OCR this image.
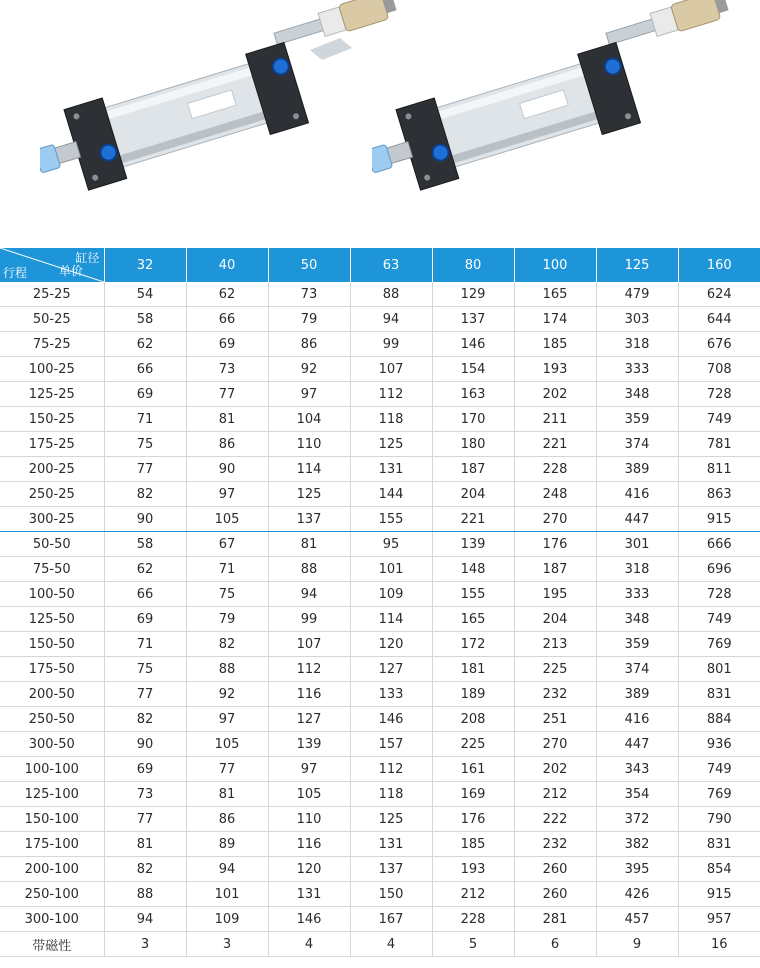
缸径
行程 单价	32	40	50	63	80	100	125	160
25-25	54	62	73	88	129	165	479	624
50-25	58	66	79	94	137	174	303	644
75-25	62	69	86	99	146	185	318	676
100-25	66	73	92	107	154	193	333	708
125-25	69	77	97	112	163	202	348	728
150-25	71	81	104	118	170	211	359	749
175-25	75	86	110	125	180	221	374	781
200-25	77	90	114	131	187	228	389	811
250-25	82	97	125	144	204	248	416	863
300-25	90	105	137	155	221	270	447	915
50-50	58	67	81	95	139	176	301	666
75-50	62	71	88	101	148	187	318	696
100-50	66	75	94	109	155	195	333	728
125-50	69	79	99	114	165	204	348	749
150-50	71	82	107	120	172	213	359	769
175-50	75	88	112	127	181	225	374	801
200-50	77	92	116	133	189	232	389	831
250-50	82	97	127	146	208	251	416	884
300-50	90	105	139	157	225	270	447	936
100-100	69	77	97	112	161	202	343	749
125-100	73	81	105	118	169	212	354	769
150-100	77	86	110	125	176	222	372	790
175-100	81	89	116	131	185	232	382	831
200-100	82	94	120	137	193	260	395	854
250-100	88	101	131	150	212	260	426	915
300-100	94	109	146	167	228	281	457	957
带磁性	3	3	4	4	5	6	9	16
